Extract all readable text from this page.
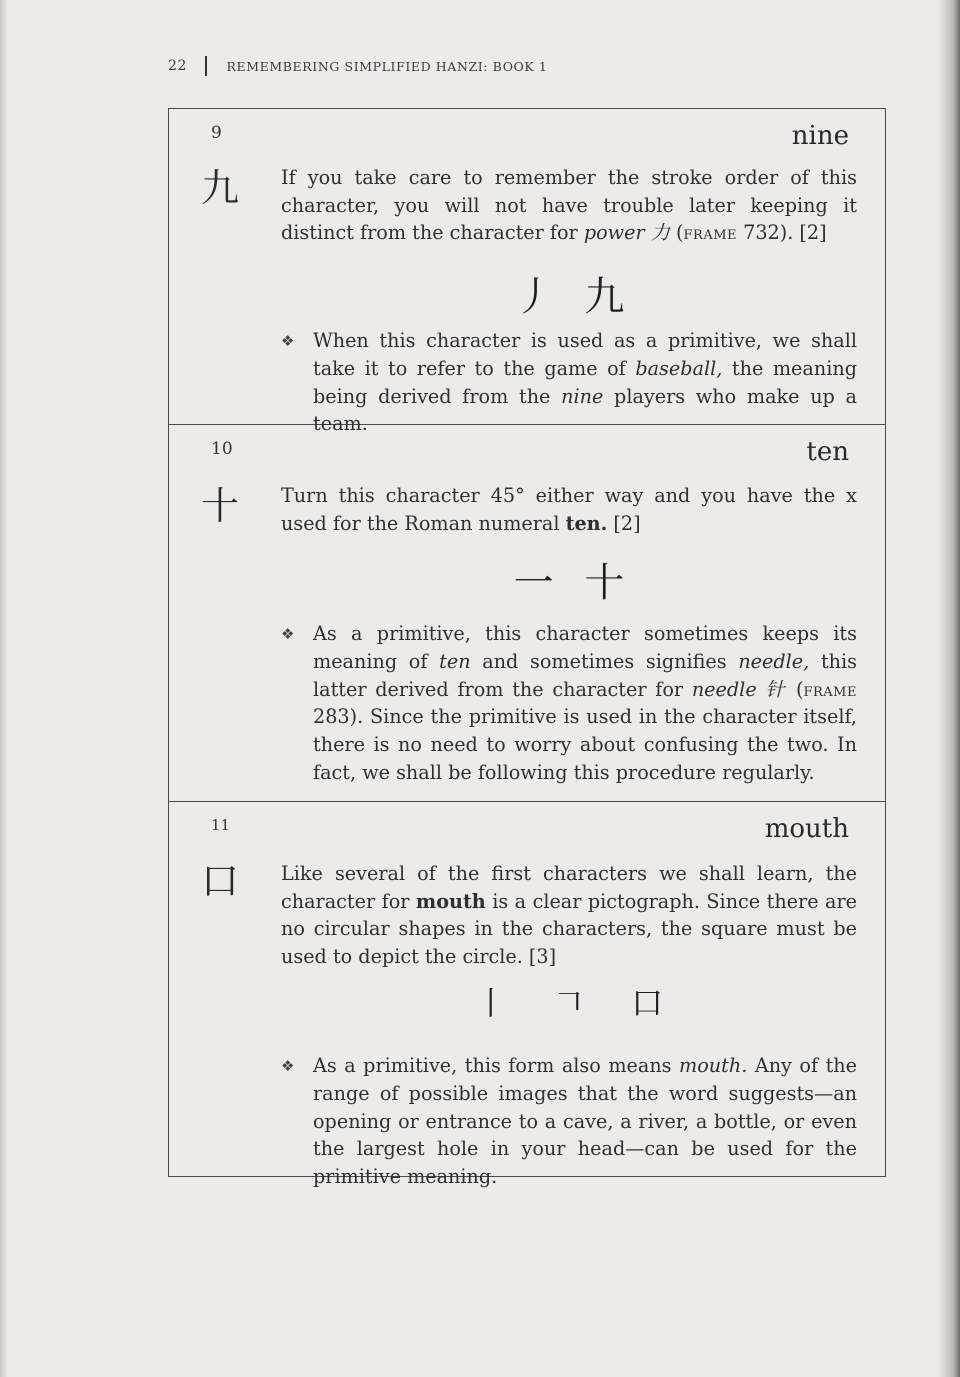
22	REMEMBERING SIMPLIFIED HANZI: BOOK 1
9
九
nine
If you take care to remember the stroke order of this character, you will not have trouble later keeping it distinct from the character for power 力 (frame 732). [2]
丿 九
❖ When this character is used as a primitive, we shall take it to refer to the game of baseball, the meaning being derived from the nine players who make up a team.
10
十
ten
Turn this character 45° either way and you have the x used for the Roman numeral ten. [2]
一 十
❖ As a primitive, this character sometimes keeps its meaning of ten and sometimes signifies needle, this latter derived from the character for needle 针 (frame 283). Since the primitive is used in the character itself, there is no need to worry about confusing the two. In fact, we shall be following this procedure regularly.
11
口
mouth
Like several of the first characters we shall learn, the character for mouth is a clear pictograph. Since there are no circular shapes in the characters, the square must be used to depict the circle. [3]
丨 𠃍 口
❖ As a primitive, this form also means mouth. Any of the range of possible images that the word suggests—an opening or entrance to a cave, a river, a bottle, or even the largest hole in your head—can be used for the primitive meaning.
